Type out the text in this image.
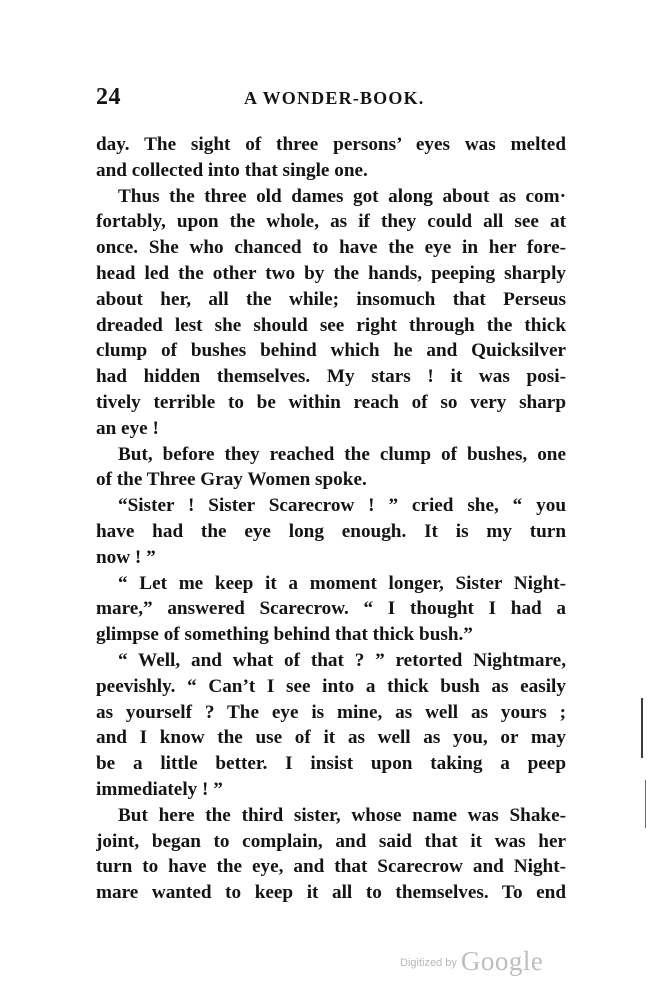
24	A WONDER-BOOK.
day. The sight of three persons’ eyes was melted
and collected into that single one.
Thus the three old dames got along about as com·
fortably, upon the whole, as if they could all see at
once. She who chanced to have the eye in her fore-
head led the other two by the hands, peeping sharply
about her, all the while; insomuch that Perseus
dreaded lest she should see right through the thick
clump of bushes behind which he and Quicksilver
had hidden themselves. My stars ! it was posi-
tively terrible to be within reach of so very sharp
an eye !
But, before they reached the clump of bushes, one
of the Three Gray Women spoke.
“Sister ! Sister Scarecrow ! ” cried she, “ you
have had the eye long enough. It is my turn
now ! ”
“ Let me keep it a moment longer, Sister Night-
mare,” answered Scarecrow. “ I thought I had a
glimpse of something behind that thick bush.”
“ Well, and what of that ? ” retorted Nightmare,
peevishly. “ Can’t I see into a thick bush as easily
as yourself ? The eye is mine, as well as yours ;
and I know the use of it as well as you, or may
be a little better. I insist upon taking a peep
immediately ! ”
But here the third sister, whose name was Shake-
joint, began to complain, and said that it was her
turn to have the eye, and that Scarecrow and Night-
mare wanted to keep it all to themselves. To end
$^{Digitized by}$ Google
